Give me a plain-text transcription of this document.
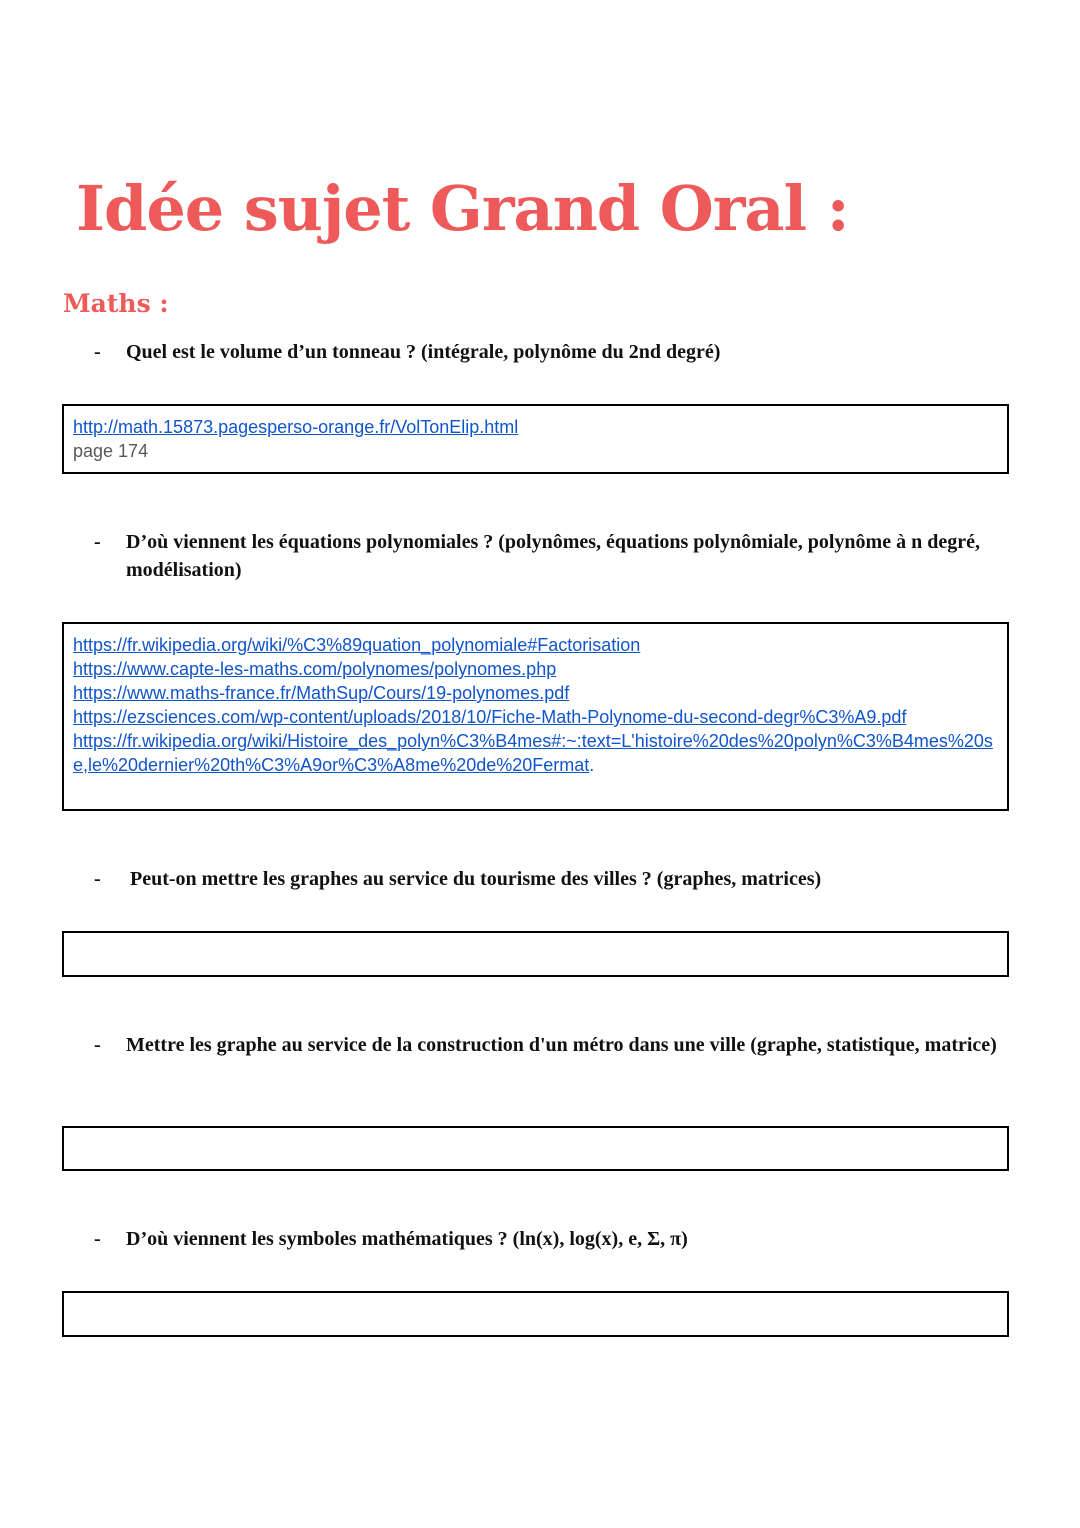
Idée sujet Grand Oral :
Maths :

- Quel est le volume d’un tonneau ? (intégrale, polynôme du 2nd degré)

http://math.15873.pagesperso-orange.fr/VolTonElip.html
page 174

- D’où viennent les équations polynomiales ? (polynômes, équations polynômiale, polynôme à n degré, modélisation)

https://fr.wikipedia.org/wiki/%C3%89quation_polynomiale#Factorisation
https://www.capte-les-maths.com/polynomes/polynomes.php
https://www.maths-france.fr/MathSup/Cours/19-polynomes.pdf
https://ezsciences.com/wp-content/uploads/2018/10/Fiche-Math-Polynome-du-second-degr%C3%A9.pdf
https://fr.wikipedia.org/wiki/Histoire_des_polyn%C3%B4mes#:~:text=L'histoire%20des%20polyn%C3%B4mes%20se,le%20dernier%20th%C3%A9or%C3%A8me%20de%20Fermat.

- Peut-on mettre les graphes au service du tourisme des villes ? (graphes, matrices)

- Mettre les graphe au service de la construction d'un métro dans une ville (graphe, statistique, matrice)

- D’où viennent les symboles mathématiques ? (ln(x), log(x), e, Σ, π)
